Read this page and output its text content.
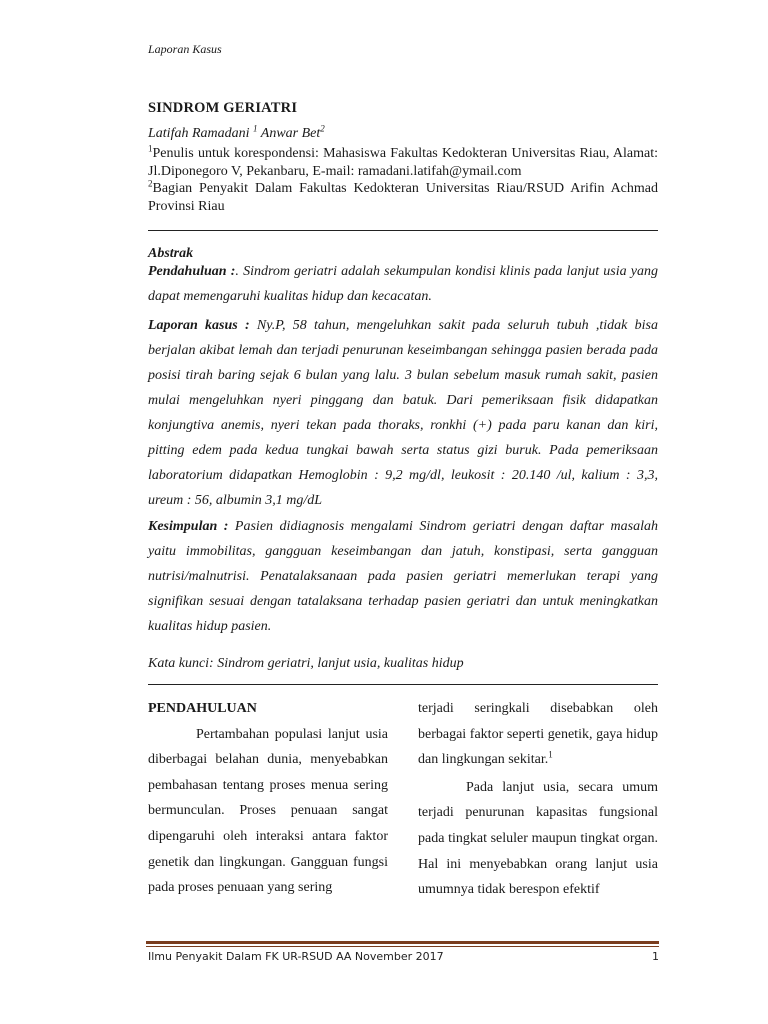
Laporan Kasus
SINDROM GERIATRI
Latifah Ramadani $^1$ Anwar Bet$^2$
$^1$Penulis untuk korespondensi: Mahasiswa Fakultas Kedokteran Universitas Riau, Alamat: Jl.Diponegoro V, Pekanbaru, E-mail: ramadani.latifah@ymail.com
$^2$Bagian Penyakit Dalam Fakultas Kedokteran Universitas Riau/RSUD Arifin Achmad Provinsi Riau
Abstrak

Pendahuluan :. Sindrom geriatri adalah sekumpulan kondisi klinis pada lanjut usia yang dapat memengaruhi kualitas hidup dan kecacatan.

Laporan kasus : Ny.P, 58 tahun, mengeluhkan sakit pada seluruh tubuh ,tidak bisa berjalan akibat lemah dan terjadi penurunan keseimbangan sehingga pasien berada pada posisi tirah baring sejak 6 bulan yang lalu. 3 bulan sebelum masuk rumah sakit, pasien mulai mengeluhkan nyeri pinggang dan batuk. Dari pemeriksaan fisik didapatkan konjungtiva anemis, nyeri tekan pada thoraks, ronkhi (+) pada paru kanan dan kiri, pitting edem pada kedua tungkai bawah serta status gizi buruk. Pada pemeriksaan laboratorium didapatkan Hemoglobin : 9,2 mg/dl, leukosit : 20.140 /ul, kalium : 3,3, ureum : 56, albumin 3,1 mg/dL

Kesimpulan : Pasien didiagnosis mengalami Sindrom geriatri dengan daftar masalah yaitu immobilitas, gangguan keseimbangan dan jatuh, konstipasi, serta gangguan nutrisi/malnutrisi. Penatalaksanaan pada pasien geriatri memerlukan terapi yang signifikan sesuai dengan tatalaksana terhadap pasien geriatri dan untuk meningkatkan kualitas hidup pasien.

Kata kunci: Sindrom geriatri, lanjut usia, kualitas hidup

PENDAHULUAN

Pertambahan populasi lanjut usia diberbagai belahan dunia, menyebabkan pembahasan tentang proses menua sering bermunculan. Proses penuaan sangat dipengaruhi oleh interaksi antara faktor genetik dan lingkungan. Gangguan fungsi pada proses penuaan yang sering

terjadi seringkali disebabkan oleh berbagai faktor seperti genetik, gaya hidup dan lingkungan sekitar.$^1$

Pada lanjut usia, secara umum terjadi penurunan kapasitas fungsional pada tingkat seluler maupun tingkat organ. Hal ini menyebabkan orang lanjut usia umumnya tidak berespon efektif

Ilmu Penyakit Dalam FK UR-RSUD AA November 2017	1
